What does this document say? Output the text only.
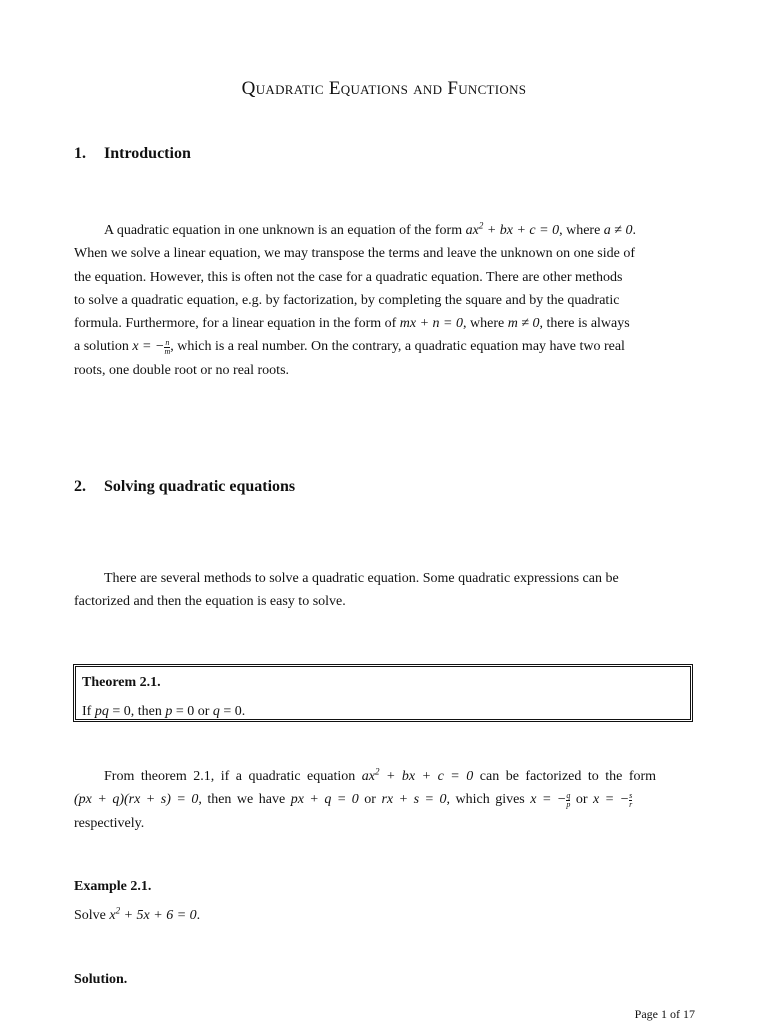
Quadratic Equations and Functions
1. Introduction
A quadratic equation in one unknown is an equation of the form $ax^2$ + bx + c = 0, where a ≠ 0.
When we solve a linear equation, we may transpose the terms and leave the unknown on one side of
the equation. However, this is often not the case for a quadratic equation. There are other methods
to solve a quadratic equation, e.g. by factorization, by completing the square and by the quadratic
formula. Furthermore, for a linear equation in the form of mx + n = 0, where m ≠ 0, there is always
a solution x = − $\frac{n}{m}$ , which is a real number. On the contrary, a quadratic equation may have two real
roots, one double root or no real roots.
2. Solving quadratic equations
There are several methods to solve a quadratic equation. Some quadratic expressions can be
factorized and then the equation is easy to solve.
Theorem 2.1.
If pq = 0, then p = 0 or q = 0.
From theorem 2.1, if a quadratic equation $ax^2$ + bx + c = 0 can be factorized to the form
(px + q)(rx + s) = 0, then we have px + q = 0 or rx + s = 0, which gives x = − $\frac{q}{p}$ or x = − $\frac{s}{r}$
respectively.
Example 2.1.
Solve $x^2 + 5x + 6 = 0$.
Solution.
Page 1 of 17
